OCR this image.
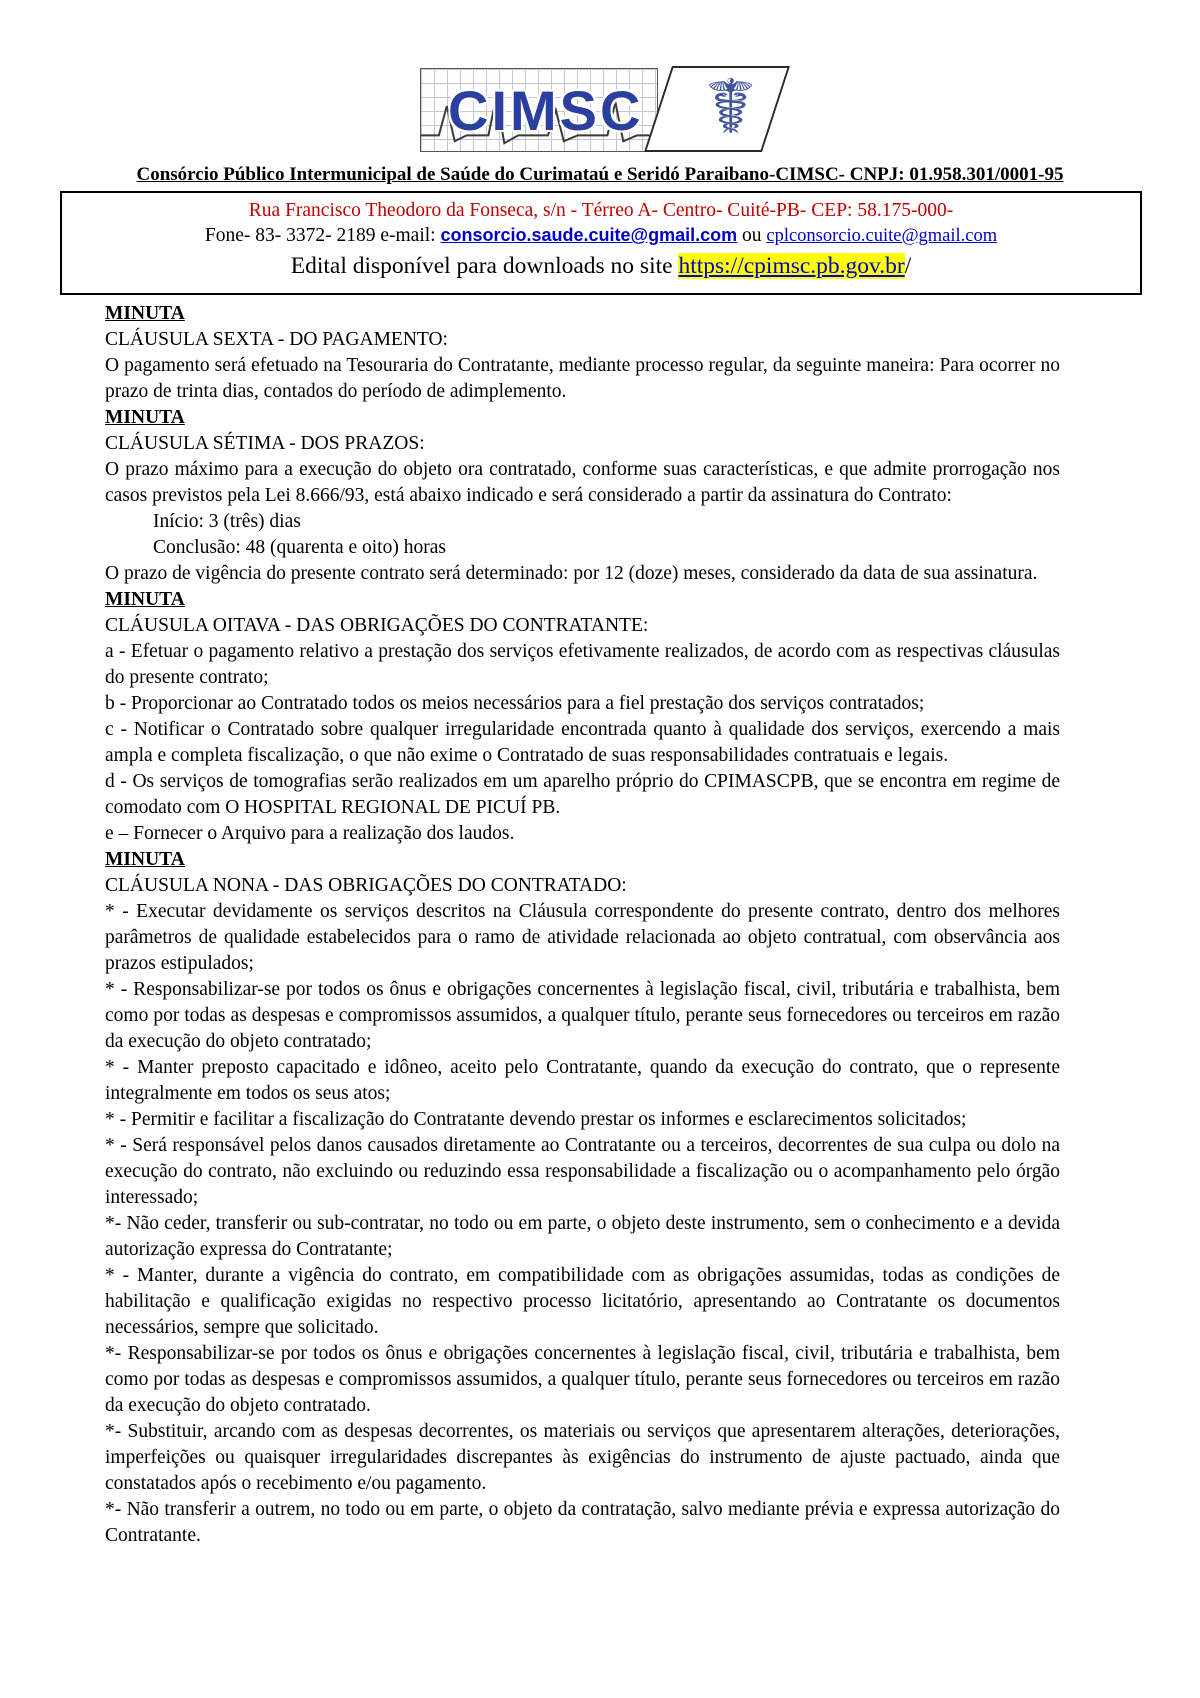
CIMSC ☤
Consórcio Público Intermunicipal de Saúde do Curimataú e Seridó Paraibano-CIMSC- CNPJ: 01.958.301/0001-95
Rua Francisco Theodoro da Fonseca, s/n - Térreo A- Centro- Cuité-PB- CEP: 58.175-000-
Fone- 83- 3372- 2189 e-mail: consorcio.saude.cuite@gmail.com ou cplconsorcio.cuite@gmail.com
Edital disponível para downloads no site https://cpimsc.pb.gov.br/

MINUTA

CLÁUSULA SEXTA - DO PAGAMENTO:

O pagamento será efetuado na Tesouraria do Contratante, mediante processo regular, da seguinte maneira: Para ocorrer no prazo de trinta dias, contados do período de adimplemento.

MINUTA

CLÁUSULA SÉTIMA - DOS PRAZOS:

O prazo máximo para a execução do objeto ora contratado, conforme suas características, e que admite prorrogação nos casos previstos pela Lei 8.666/93, está abaixo indicado e será considerado a partir da assinatura do Contrato:

Início: 3 (três) dias

Conclusão: 48 (quarenta e oito) horas

O prazo de vigência do presente contrato será determinado: por 12 (doze) meses, considerado da data de sua assinatura.

MINUTA

CLÁUSULA OITAVA - DAS OBRIGAÇÕES DO CONTRATANTE:

a - Efetuar o pagamento relativo a prestação dos serviços efetivamente realizados, de acordo com as respectivas cláusulas do presente contrato;

b - Proporcionar ao Contratado todos os meios necessários para a fiel prestação dos serviços contratados;

c - Notificar o Contratado sobre qualquer irregularidade encontrada quanto à qualidade dos serviços, exercendo a mais ampla e completa fiscalização, o que não exime o Contratado de suas responsabilidades contratuais e legais.

d - Os serviços de tomografias serão realizados em um aparelho próprio do CPIMASCPB, que se encontra em regime de comodato com O HOSPITAL REGIONAL DE PICUÍ PB.

e – Fornecer o Arquivo para a realização dos laudos.

MINUTA

CLÁUSULA NONA - DAS OBRIGAÇÕES DO CONTRATADO:

* - Executar devidamente os serviços descritos na Cláusula correspondente do presente contrato, dentro dos melhores parâmetros de qualidade estabelecidos para o ramo de atividade relacionada ao objeto contratual, com observância aos prazos estipulados;

* - Responsabilizar-se por todos os ônus e obrigações concernentes à legislação fiscal, civil, tributária e trabalhista, bem como por todas as despesas e compromissos assumidos, a qualquer título, perante seus fornecedores ou terceiros em razão da execução do objeto contratado;

* - Manter preposto capacitado e idôneo, aceito pelo Contratante, quando da execução do contrato, que o represente integralmente em todos os seus atos;

* - Permitir e facilitar a fiscalização do Contratante devendo prestar os informes e esclarecimentos solicitados;

* - Será responsável pelos danos causados diretamente ao Contratante ou a terceiros, decorrentes de sua culpa ou dolo na execução do contrato, não excluindo ou reduzindo essa responsabilidade a fiscalização ou o acompanhamento pelo órgão interessado;

*- Não ceder, transferir ou sub-contratar, no todo ou em parte, o objeto deste instrumento, sem o conhecimento e a devida autorização expressa do Contratante;

* - Manter, durante a vigência do contrato, em compatibilidade com as obrigações assumidas, todas as condições de habilitação e qualificação exigidas no respectivo processo licitatório, apresentando ao Contratante os documentos necessários, sempre que solicitado.

*- Responsabilizar-se por todos os ônus e obrigações concernentes à legislação fiscal, civil, tributária e trabalhista, bem como por todas as despesas e compromissos assumidos, a qualquer título, perante seus fornecedores ou terceiros em razão da execução do objeto contratado.

*- Substituir, arcando com as despesas decorrentes, os materiais ou serviços que apresentarem alterações, deteriorações, imperfeições ou quaisquer irregularidades discrepantes às exigências do instrumento de ajuste pactuado, ainda que constatados após o recebimento e/ou pagamento.

*- Não transferir a outrem, no todo ou em parte, o objeto da contratação, salvo mediante prévia e expressa autorização do Contratante.
